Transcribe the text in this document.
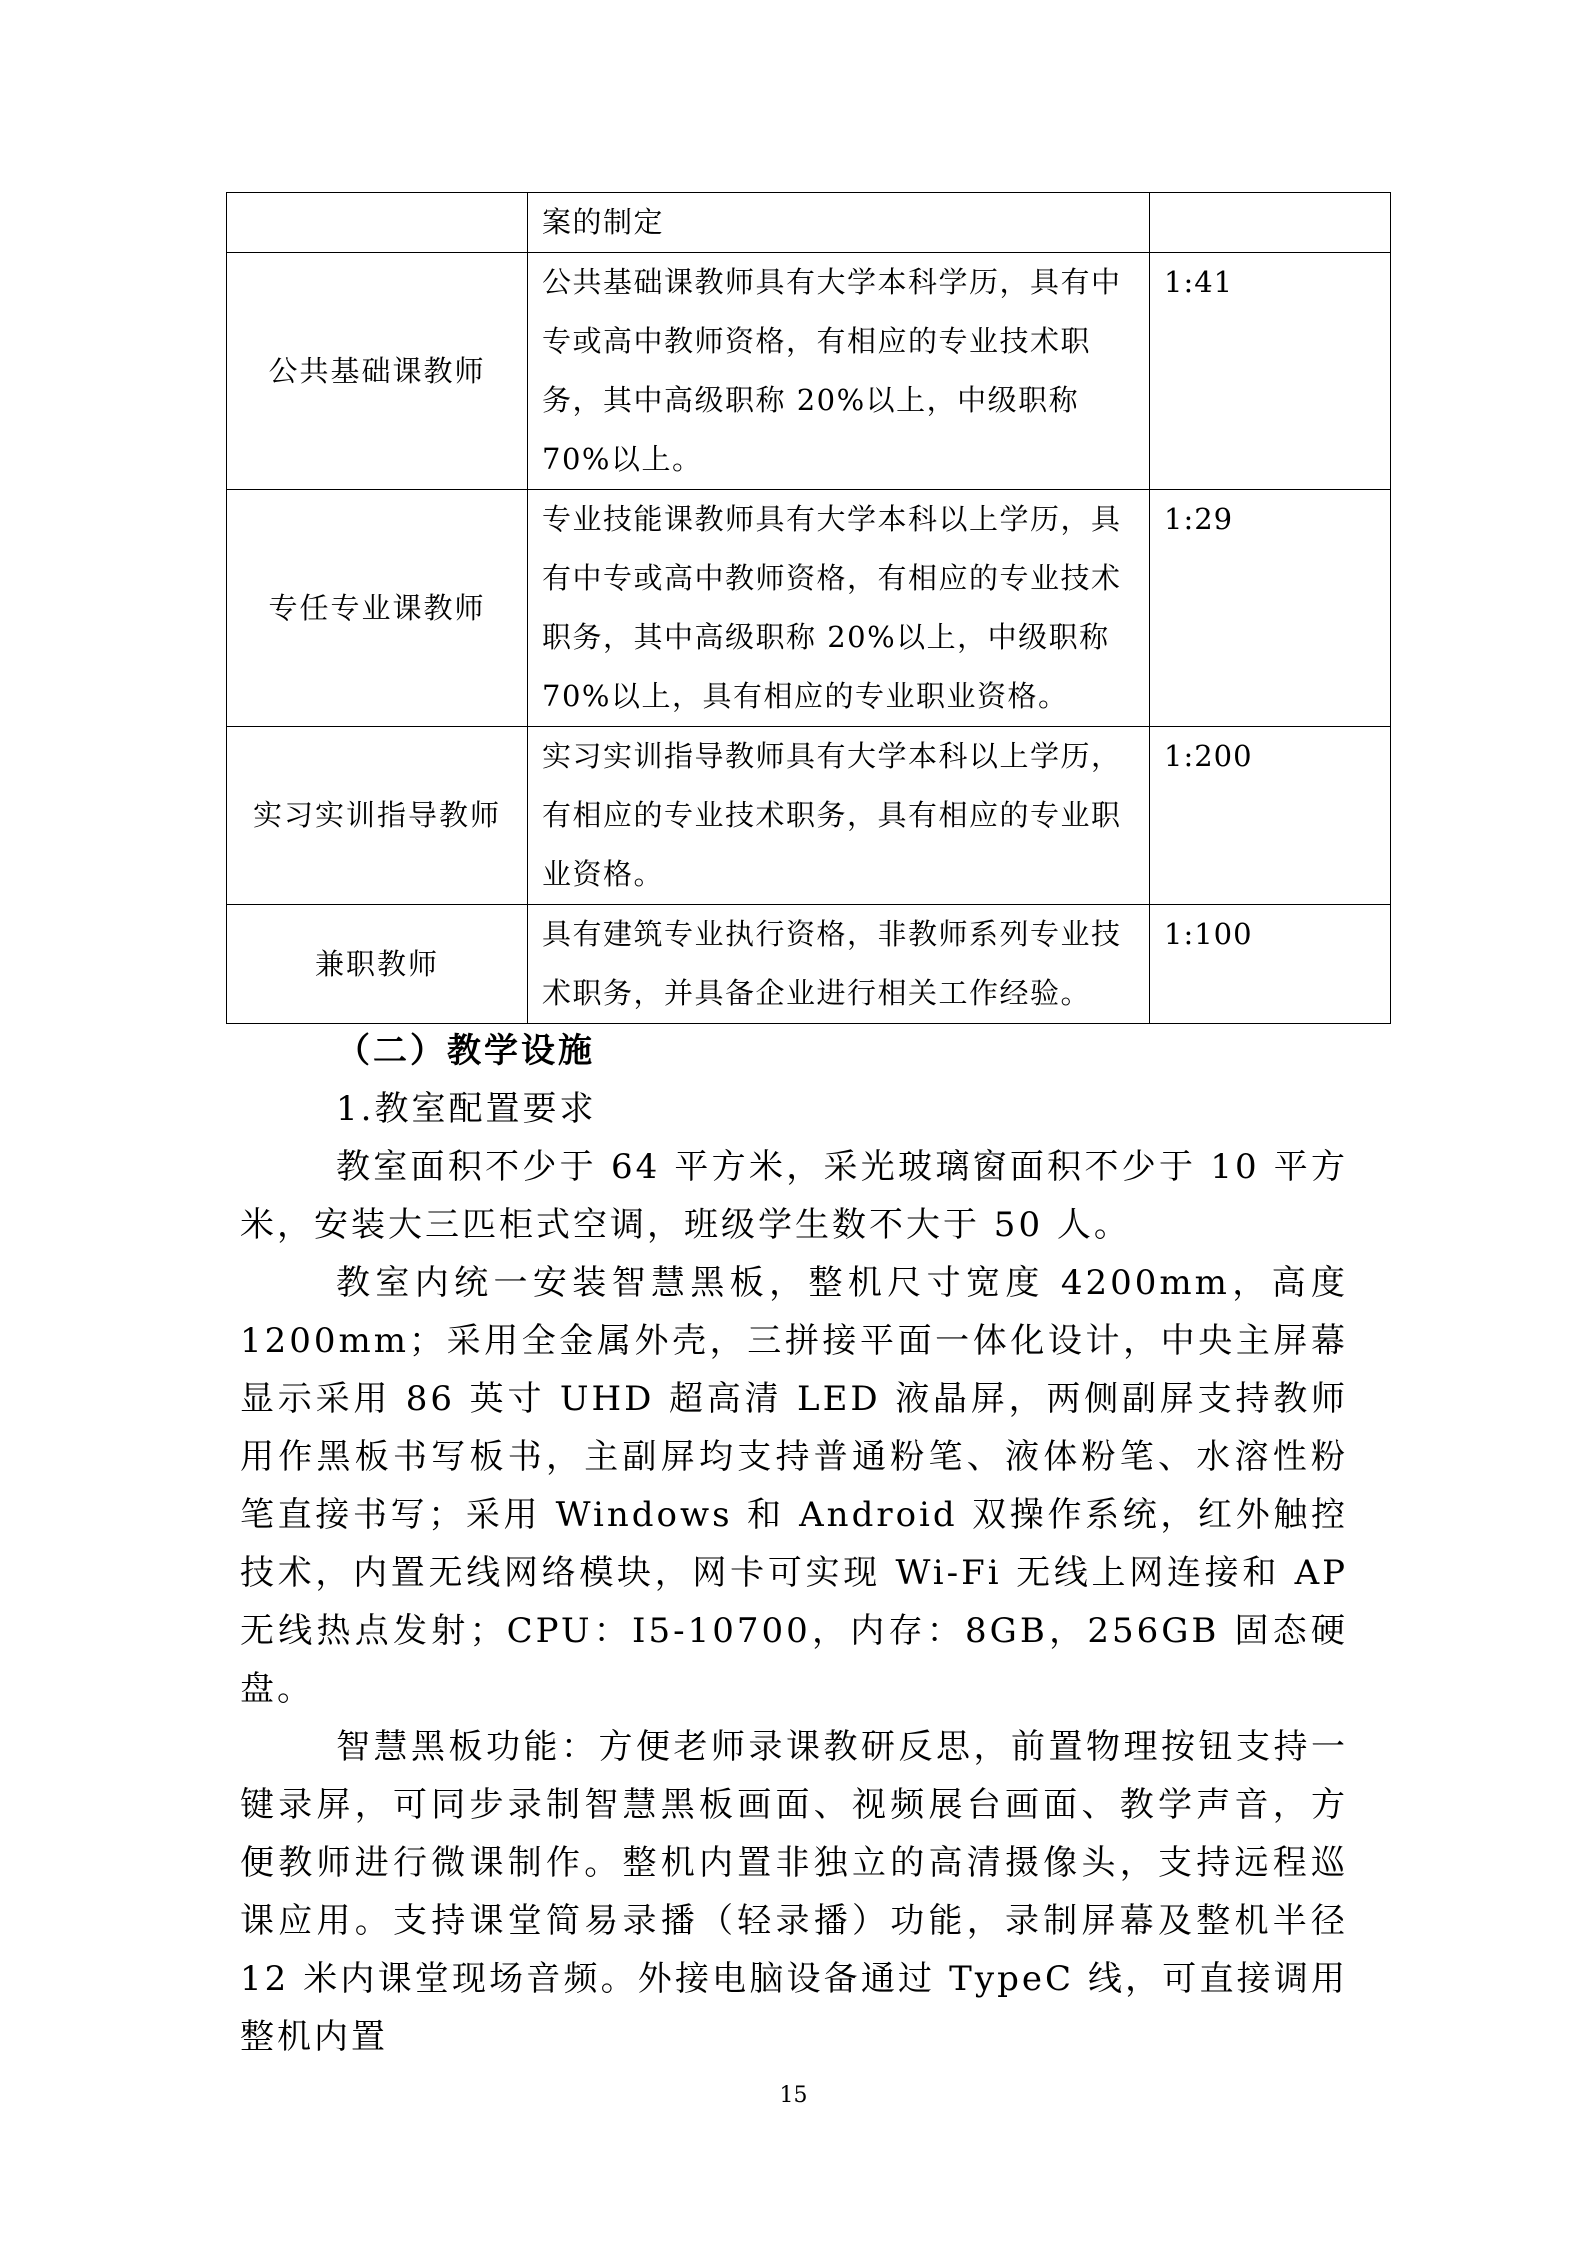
	案的制定	
公共基础课教师	公共基础课教师具有大学本科学历，具有中专或高中教师资格，有相应的专业技术职务，其中高级职称 20%以上，中级职称 70%以上。	1:41
专任专业课教师	专业技能课教师具有大学本科以上学历，具有中专或高中教师资格，有相应的专业技术职务，其中高级职称 20%以上，中级职称 70%以上，具有相应的专业职业资格。	1:29
实习实训指导教师	实习实训指导教师具有大学本科以上学历，有相应的专业技术职务，具有相应的专业职业资格。	1:200
兼职教师	具有建筑专业执行资格，非教师系列专业技术职务，并具备企业进行相关工作经验。	1:100

（二）教学设施

1.教室配置要求

教室面积不少于 64 平方米，采光玻璃窗面积不少于 10 平方米，安装大三匹柜式空调，班级学生数不大于 50 人。

教室内统一安装智慧黑板，整机尺寸宽度 4200mm，高度 1200mm；采用全金属外壳，三拼接平面一体化设计，中央主屏幕显示采用 86 英寸 UHD 超高清 LED 液晶屏，两侧副屏支持教师用作黑板书写板书，主副屏均支持普通粉笔、液体粉笔、水溶性粉笔直接书写；采用 Windows 和 Android 双操作系统，红外触控技术，内置无线网络模块，网卡可实现 Wi-Fi 无线上网连接和 AP 无线热点发射；CPU：I5-10700，内存：8GB，256GB 固态硬盘。

智慧黑板功能：方便老师录课教研反思，前置物理按钮支持一键录屏，可同步录制智慧黑板画面、视频展台画面、教学声音，方便教师进行微课制作。整机内置非独立的高清摄像头，支持远程巡课应用。支持课堂简易录播（轻录播）功能，录制屏幕及整机半径 12 米内课堂现场音频。外接电脑设备通过 TypeC 线，可直接调用整机内置

15
